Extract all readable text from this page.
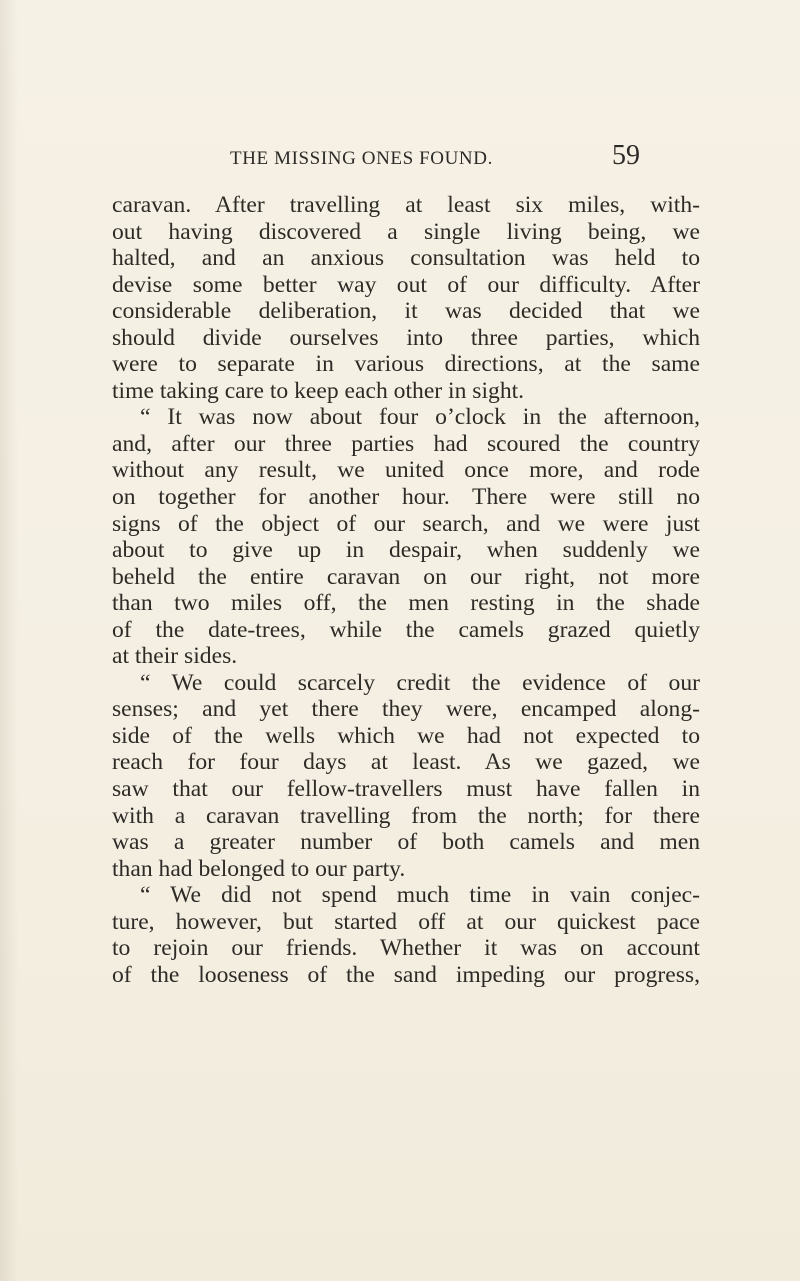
THE MISSING ONES FOUND.	59
caravan. After travelling at least six miles, with-
out having discovered a single living being, we
halted, and an anxious consultation was held to
devise some better way out of our difficulty. After
considerable deliberation, it was decided that we
should divide ourselves into three parties, which
were to separate in various directions, at the same
time taking care to keep each other in sight.
“ It was now about four o’clock in the afternoon,
and, after our three parties had scoured the country
without any result, we united once more, and rode
on together for another hour. There were still no
signs of the object of our search, and we were just
about to give up in despair, when suddenly we
beheld the entire caravan on our right, not more
than two miles off, the men resting in the shade
of the date-trees, while the camels grazed quietly
at their sides.
“ We could scarcely credit the evidence of our
senses; and yet there they were, encamped along-
side of the wells which we had not expected to
reach for four days at least. As we gazed, we
saw that our fellow-travellers must have fallen in
with a caravan travelling from the north; for there
was a greater number of both camels and men
than had belonged to our party.
“ We did not spend much time in vain conjec-
ture, however, but started off at our quickest pace
to rejoin our friends. Whether it was on account
of the looseness of the sand impeding our progress,
